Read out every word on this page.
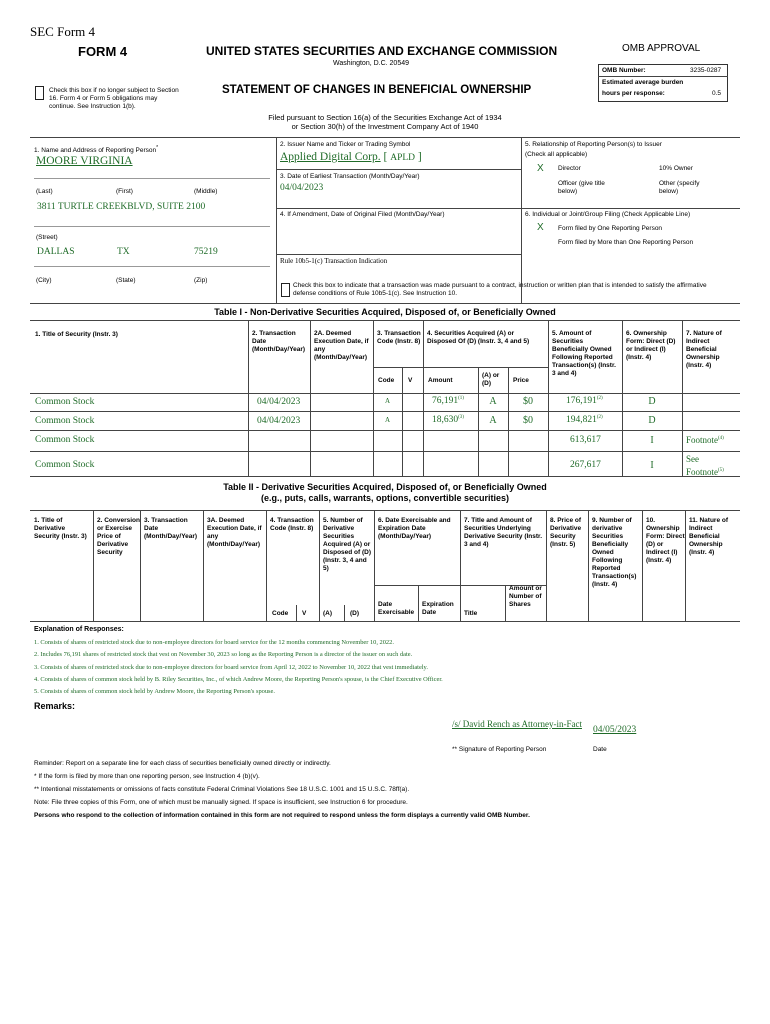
SEC Form 4
FORM 4	UNITED STATES SECURITIES AND EXCHANGE COMMISSION
Washington, D.C. 20549
Check this box if no longer subject to Section 16. Form 4 or Form 5 obligations may continue. See Instruction 1(b).
STATEMENT OF CHANGES IN BENEFICIAL OWNERSHIP
Filed pursuant to Section 16(a) of the Securities Exchange Act of 1934
or Section 30(h) of the Investment Company Act of 1940
OMB APPROVAL
OMB Number:	3235-0287
Estimated average burden
hours per response:	0.5
1. Name and Address of Reporting Person*
MOORE VIRGINIA
(Last)	(First)	(Middle)
3811 TURTLE CREEKBLVD, SUITE 2100
(Street)
DALLAS	TX	75219
(City)	(State)	(Zip)
2. Issuer Name and Ticker or Trading Symbol
Applied Digital Corp. [ APLD ]
3. Date of Earliest Transaction (Month/Day/Year)
04/04/2023
4. If Amendment, Date of Original Filed (Month/Day/Year)
Rule 10b5-1(c) Transaction Indication
Check this box to indicate that a transaction was made pursuant to a contract, instruction or written plan that is intended to satisfy the affirmative defense conditions of Rule 10b5-1(c). See Instruction 10.
5. Relationship of Reporting Person(s) to Issuer
(Check all applicable)
X Director	10% Owner
Officer (give title below)
Other (specify below)
6. Individual or Joint/Group Filing (Check Applicable Line)
X Form filed by One Reporting Person
Form filed by More than One Reporting Person
Table I - Non-Derivative Securities Acquired, Disposed of, or Beneficially Owned
1. Title of Security (Instr. 3)	2. Transaction Date (Month/Day/Year)
2A. Deemed Execution Date, if any (Month/Day/Year)
3. Transaction Code (Instr. 8)
4. Securities Acquired (A) or Disposed Of (D) (Instr. 3, 4 and 5)
5. Amount of Securities Beneficially Owned Following Reported Transaction(s) (Instr. 3 and 4)
6. Ownership Form: Direct (D) or Indirect (I) (Instr. 4)
7. Nature of Indirect Beneficial Ownership (Instr. 4)
Code V Amount
(A) or (D)	Price
Common Stock	04/04/2023	A	76,191$^{(1)}$	A	$0	176,191$^{(2)}$	D
Common Stock	04/04/2023	A	18,630$^{(3)}$	A	$0	194,821$^{(2)}$	D
Common Stock	613,617	I	Footnote$^{(4)}$
Common Stock	267,617	I
See Footnote$^{(5)}$
Table II - Derivative Securities Acquired, Disposed of, or Beneficially Owned
(e.g., puts, calls, warrants, options, convertible securities)
1. Title of Derivative Security (Instr. 3)
2. Conversion or Exercise Price of Derivative Security
3. Transaction Date (Month/Day/Year)
3A. Deemed Execution Date, if any (Month/Day/Year)
4. Transaction Code (Instr. 8)
5. Number of Derivative Securities Acquired (A) or Disposed of (D) (Instr. 3, 4 and 5)
6. Date Exercisable and Expiration Date (Month/Day/Year)
7. Title and Amount of Securities Underlying Derivative Security (Instr. 3 and 4)
8. Price of Derivative Security (Instr. 5)
9. Number of derivative Securities Beneficially Owned Following Reported Transaction(s) (Instr. 4)
10. Ownership Form: Direct (D) or Indirect (I) (Instr. 4)
11. Nature of Indirect Beneficial Ownership (Instr. 4)
Code V	(A)	(D)
Date Exercisable
Expiration Date	Title
Amount or Number of Shares
Explanation of Responses:
1. Consists of shares of restricted stock due to non-employee directors for board service for the 12 months commencing November 10, 2022.
2. Includes 76,191 shares of restricted stock that vest on November 30, 2023 so long as the Reporting Person is a director of the issuer on such date.
3. Consists of shares of restricted stock due to non-employee directors for board service from April 12, 2022 to November 10, 2022 that vest immediately.
4. Consists of shares of common stock held by B. Riley Securities, Inc., of which Andrew Moore, the Reporting Person's spouse, is the Chief Executive Officer.
5. Consists of shares of common stock held by Andrew Moore, the Reporting Person's spouse.
Remarks:
/s/ David Rench as Attorney-in-Fact
04/05/2023
** Signature of Reporting Person	Date
Reminder: Report on a separate line for each class of securities beneficially owned directly or indirectly.
* If the form is filed by more than one reporting person, see Instruction 4 (b)(v).
** Intentional misstatements or omissions of facts constitute Federal Criminal Violations See 18 U.S.C. 1001 and 15 U.S.C. 78ff(a).
Note: File three copies of this Form, one of which must be manually signed. If space is insufficient, see Instruction 6 for procedure.
Persons who respond to the collection of information contained in this form are not required to respond unless the form displays a currently valid OMB Number.
